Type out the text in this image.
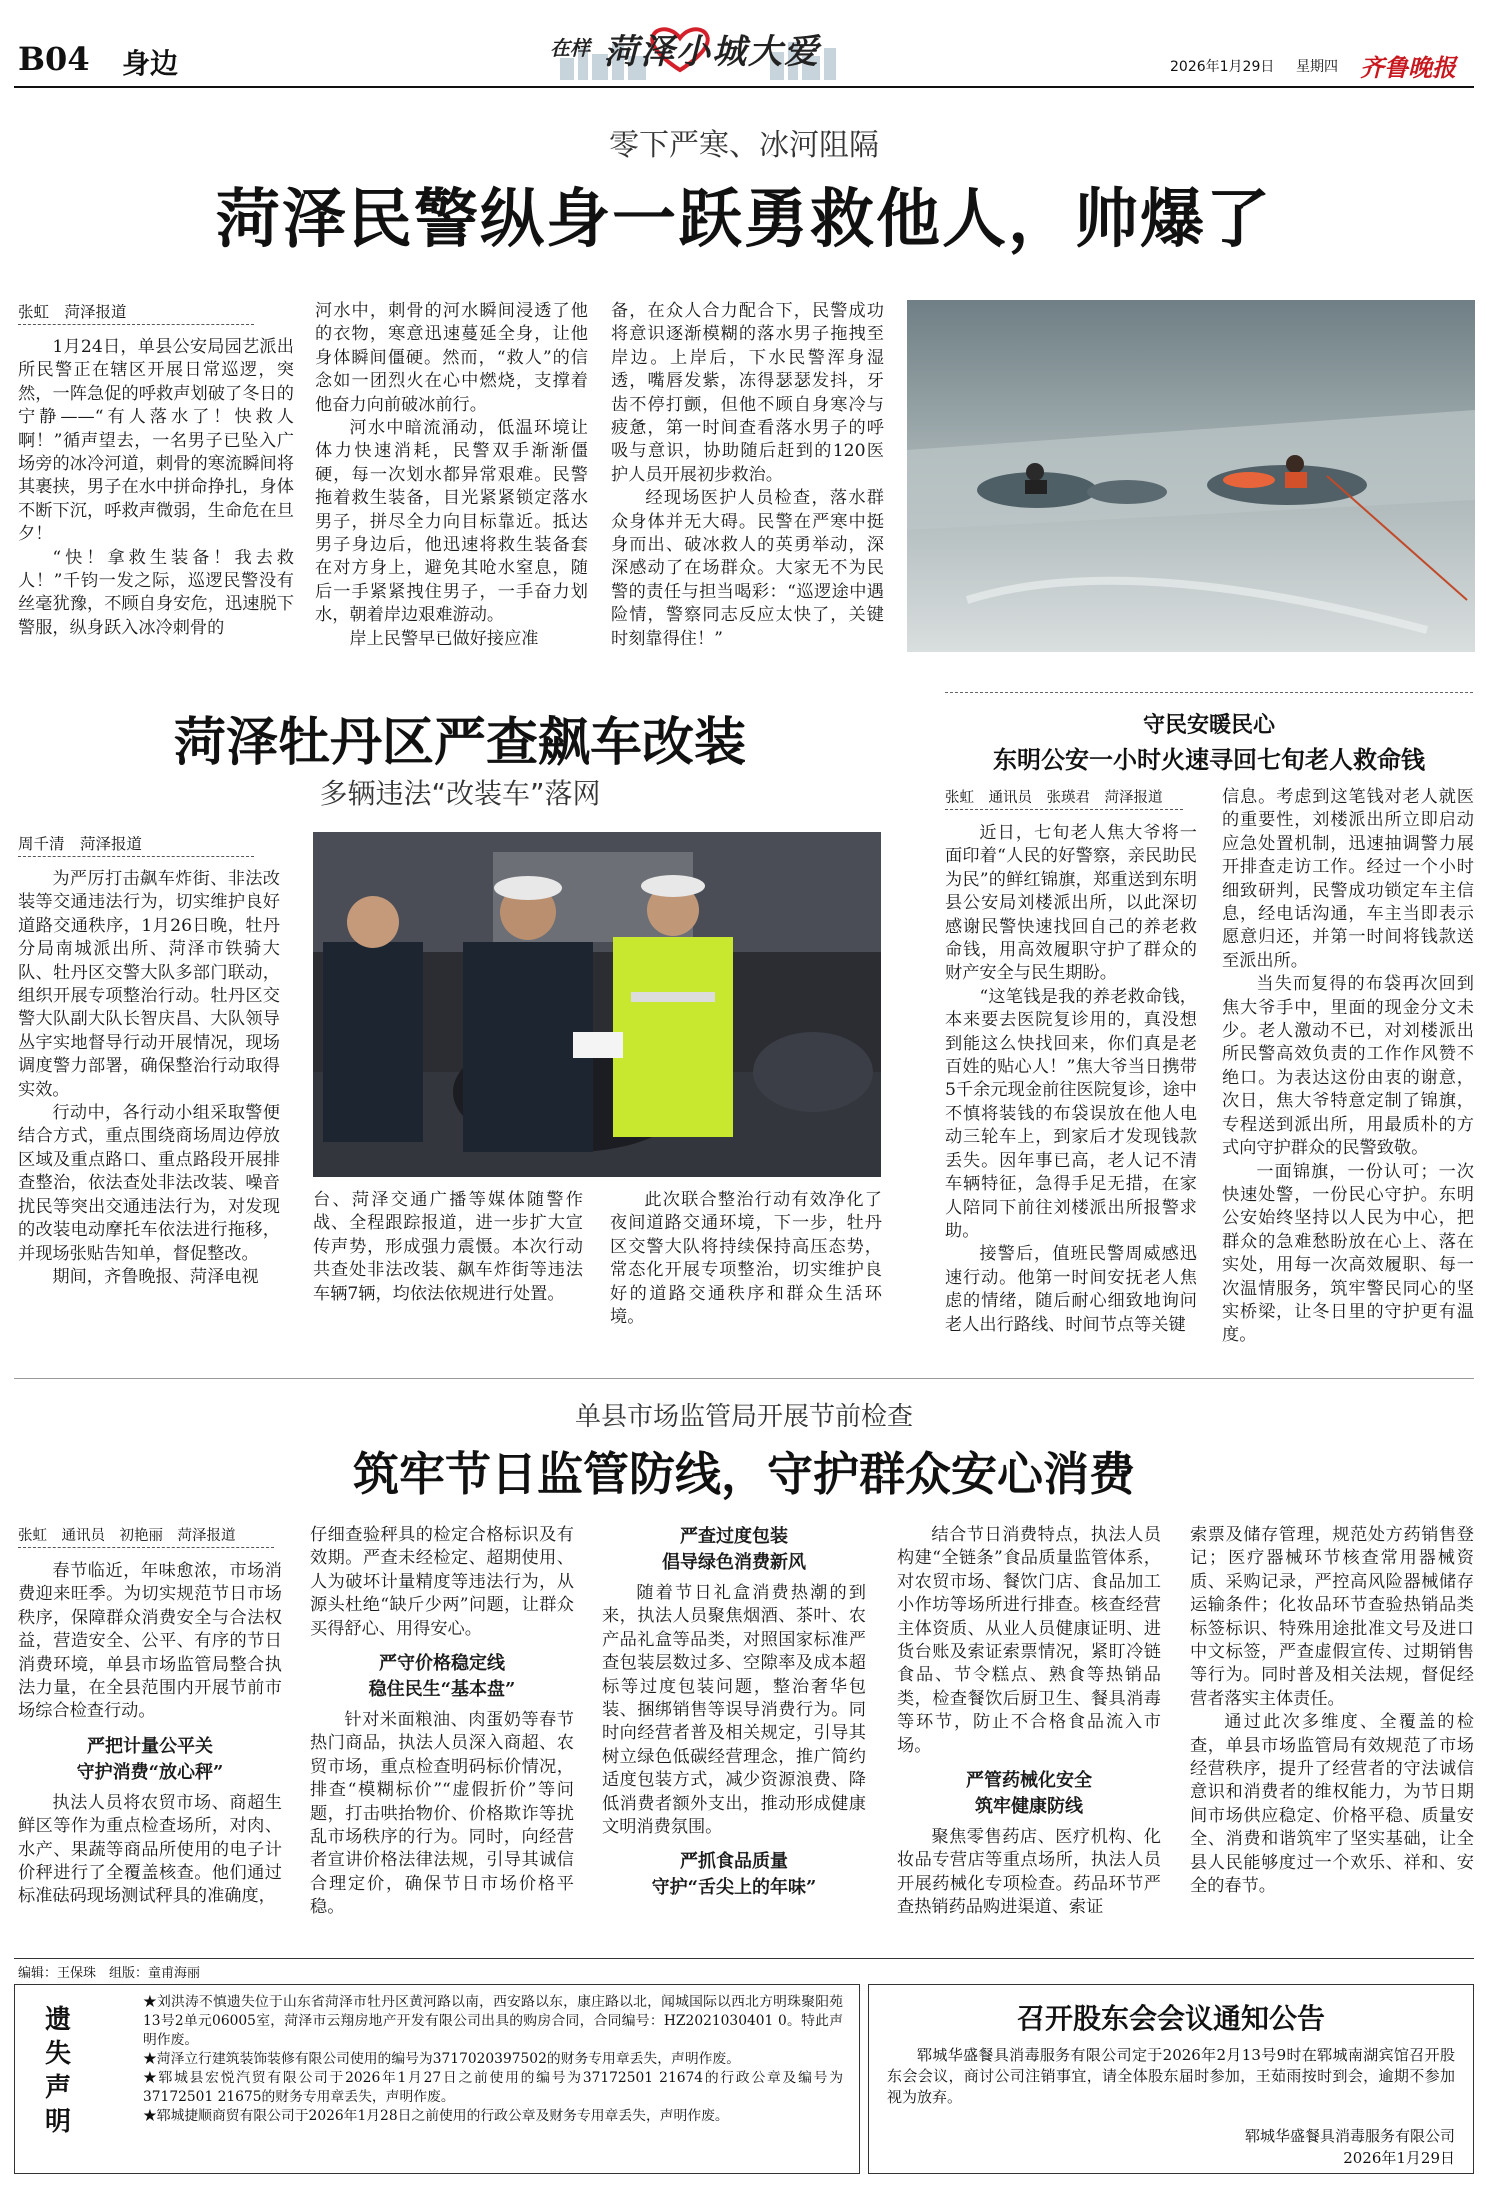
B04 身边	在样 菏泽小城大爱	2026年1月29日 星期四 齐鲁晚报
零下严寒、冰河阻隔
菏泽民警纵身一跃勇救他人，帅爆了
张虹　菏泽报道

1月24日，单县公安局园艺派出所民警正在辖区开展日常巡逻，突然，一阵急促的呼救声划破了冬日的宁静——“有人落水了！快救人啊！”循声望去，一名男子已坠入广场旁的冰冷河道，刺骨的寒流瞬间将其裹挟，男子在水中拼命挣扎，身体不断下沉，呼救声微弱，生命危在旦夕！

“快！拿救生装备！我去救人！”千钧一发之际，巡逻民警没有丝毫犹豫，不顾自身安危，迅速脱下警服，纵身跃入冰冷刺骨的

河水中，刺骨的河水瞬间浸透了他的衣物，寒意迅速蔓延全身，让他身体瞬间僵硬。然而，“救人”的信念如一团烈火在心中燃烧，支撑着他奋力向前破冰前行。

河水中暗流涌动，低温环境让体力快速消耗，民警双手渐渐僵硬，每一次划水都异常艰难。民警拖着救生装备，目光紧紧锁定落水男子，拼尽全力向目标靠近。抵达男子身边后，他迅速将救生装备套在对方身上，避免其呛水窒息，随后一手紧紧拽住男子，一手奋力划水，朝着岸边艰难游动。

岸上民警早已做好接应准

备，在众人合力配合下，民警成功将意识逐渐模糊的落水男子拖拽至岸边。上岸后，下水民警浑身湿透，嘴唇发紫，冻得瑟瑟发抖，牙齿不停打颤，但他不顾自身寒冷与疲惫，第一时间查看落水男子的呼吸与意识，协助随后赶到的120医护人员开展初步救治。

经现场医护人员检查，落水群众身体并无大碍。民警在严寒中挺身而出、破冰救人的英勇举动，深深感动了在场群众。大家无不为民警的责任与担当喝彩：“巡逻途中遇险情，警察同志反应太快了，关键时刻靠得住！”

菏泽牡丹区严查飙车改装
多辆违法“改装车”落网
周千清　菏泽报道

为严厉打击飙车炸街、非法改装等交通违法行为，切实维护良好道路交通秩序，1月26日晚，牡丹分局南城派出所、菏泽市铁骑大队、牡丹区交警大队多部门联动，组织开展专项整治行动。牡丹区交警大队副大队长智庆昌、大队领导丛宇实地督导行动开展情况，现场调度警力部署，确保整治行动取得实效。

行动中，各行动小组采取警便结合方式，重点围绕商场周边停放区域及重点路口、重点路段开展排查整治，依法查处非法改装、噪音扰民等突出交通违法行为，对发现的改装电动摩托车依法进行拖移，并现场张贴告知单，督促整改。

期间，齐鲁晚报、菏泽电视

台、菏泽交通广播等媒体随警作战、全程跟踪报道，进一步扩大宣传声势，形成强力震慑。本次行动共查处非法改装、飙车炸街等违法车辆7辆，均依法依规进行处置。

此次联合整治行动有效净化了夜间道路交通环境，下一步，牡丹区交警大队将持续保持高压态势，常态化开展专项整治，切实维护良好的道路交通秩序和群众生活环境。

守民安暖民心
东明公安一小时火速寻回七旬老人救命钱
张虹　通讯员　张瑛君　菏泽报道

近日，七旬老人焦大爷将一面印着“人民的好警察，亲民助民为民”的鲜红锦旗，郑重送到东明县公安局刘楼派出所，以此深切感谢民警快速找回自己的养老救命钱，用高效履职守护了群众的财产安全与民生期盼。

“这笔钱是我的养老救命钱，本来要去医院复诊用的，真没想到能这么快找回来，你们真是老百姓的贴心人！”焦大爷当日携带5千余元现金前往医院复诊，途中不慎将装钱的布袋误放在他人电动三轮车上，到家后才发现钱款丢失。因年事已高，老人记不清车辆特征，急得手足无措，在家人陪同下前往刘楼派出所报警求助。

接警后，值班民警周威感迅速行动。他第一时间安抚老人焦虑的情绪，随后耐心细致地询问老人出行路线、时间节点等关键

信息。考虑到这笔钱对老人就医的重要性，刘楼派出所立即启动应急处置机制，迅速抽调警力展开排查走访工作。经过一个小时细致研判，民警成功锁定车主信息，经电话沟通，车主当即表示愿意归还，并第一时间将钱款送至派出所。

当失而复得的布袋再次回到焦大爷手中，里面的现金分文未少。老人激动不已，对刘楼派出所民警高效负责的工作作风赞不绝口。为表达这份由衷的谢意，次日，焦大爷特意定制了锦旗，专程送到派出所，用最质朴的方式向守护群众的民警致敬。

一面锦旗，一份认可；一次快速处警，一份民心守护。东明公安始终坚持以人民为中心，把群众的急难愁盼放在心上、落在实处，用每一次高效履职、每一次温情服务，筑牢警民同心的坚实桥梁，让冬日里的守护更有温度。

单县市场监管局开展节前检查
筑牢节日监管防线，守护群众安心消费
张虹　通讯员　初艳丽　菏泽报道

春节临近，年味愈浓，市场消费迎来旺季。为切实规范节日市场秩序，保障群众消费安全与合法权益，营造安全、公平、有序的节日消费环境，单县市场监管局整合执法力量，在全县范围内开展节前市场综合检查行动。

严把计量公平关
守护消费“放心秤”

执法人员将农贸市场、商超生鲜区等作为重点检查场所，对肉、水产、果蔬等商品所使用的电子计价秤进行了全覆盖核查。他们通过标准砝码现场测试秤具的准确度，

仔细查验秤具的检定合格标识及有效期。严查未经检定、超期使用、人为破坏计量精度等违法行为，从源头杜绝“缺斤少两”问题，让群众买得舒心、用得安心。

严守价格稳定线
稳住民生“基本盘”

针对米面粮油、肉蛋奶等春节热门商品，执法人员深入商超、农贸市场，重点检查明码标价情况，排查“模糊标价”“虚假折价”等问题，打击哄抬物价、价格欺诈等扰乱市场秩序的行为。同时，向经营者宣讲价格法律法规，引导其诚信合理定价，确保节日市场价格平稳。

严查过度包装
倡导绿色消费新风

随着节日礼盒消费热潮的到来，执法人员聚焦烟酒、茶叶、农产品礼盒等品类，对照国家标准严查包装层数过多、空隙率及成本超标等过度包装问题，整治奢华包装、捆绑销售等误导消费行为。同时向经营者普及相关规定，引导其树立绿色低碳经营理念，推广简约适度包装方式，减少资源浪费、降低消费者额外支出，推动形成健康文明消费氛围。

严抓食品质量
守护“舌尖上的年味”

结合节日消费特点，执法人员构建“全链条”食品质量监管体系，对农贸市场、餐饮门店、食品加工小作坊等场所进行排查。核查经营主体资质、从业人员健康证明、进货台账及索证索票情况，紧盯冷链食品、节令糕点、熟食等热销品类，检查餐饮后厨卫生、餐具消毒等环节，防止不合格食品流入市场。

严管药械化安全
筑牢健康防线

聚焦零售药店、医疗机构、化妆品专营店等重点场所，执法人员开展药械化专项检查。药品环节严查热销药品购进渠道、索证

索票及储存管理，规范处方药销售登记；医疗器械环节核查常用器械资质、采购记录，严控高风险器械储存运输条件；化妆品环节查验热销品类标签标识、特殊用途批准文号及进口中文标签，严查虚假宣传、过期销售等行为。同时普及相关法规，督促经营者落实主体责任。

通过此次多维度、全覆盖的检查，单县市场监管局有效规范了市场经营秩序，提升了经营者的守法诚信意识和消费者的维权能力，为节日期间市场供应稳定、价格平稳、质量安全、消费和谐筑牢了坚实基础，让全县人民能够度过一个欢乐、祥和、安全的春节。

编辑：王保珠　组版：童甫海丽
遗失声明
★刘洪涛不慎遗失位于山东省菏泽市牡丹区黄河路以南，西安路以东，康庄路以北，闻城国际以西北方明珠聚阳苑13号2单元06005室，菏泽市云翔房地产开发有限公司出具的购房合同，合同编号：HZ2021030401 0。特此声明作废。
★菏泽立行建筑装饰装修有限公司使用的编号为3717020397502的财务专用章丢失，声明作废。
★郓城县宏悦汽贸有限公司于2026年1月27日之前使用的编号为37172501 21674的行政公章及编号为37172501 21675的财务专用章丢失，声明作废。
★郓城捷顺商贸有限公司于2026年1月28日之前使用的行政公章及财务专用章丢失，声明作废。
召开股东会会议通知公告
郓城华盛餐具消毒服务有限公司定于2026年2月13号9时在郓城南湖宾馆召开股东会会议，商讨公司注销事宜，请全体股东届时参加，王茹雨按时到会，逾期不参加视为放弃。
郓城华盛餐具消毒服务有限公司
2026年1月29日
